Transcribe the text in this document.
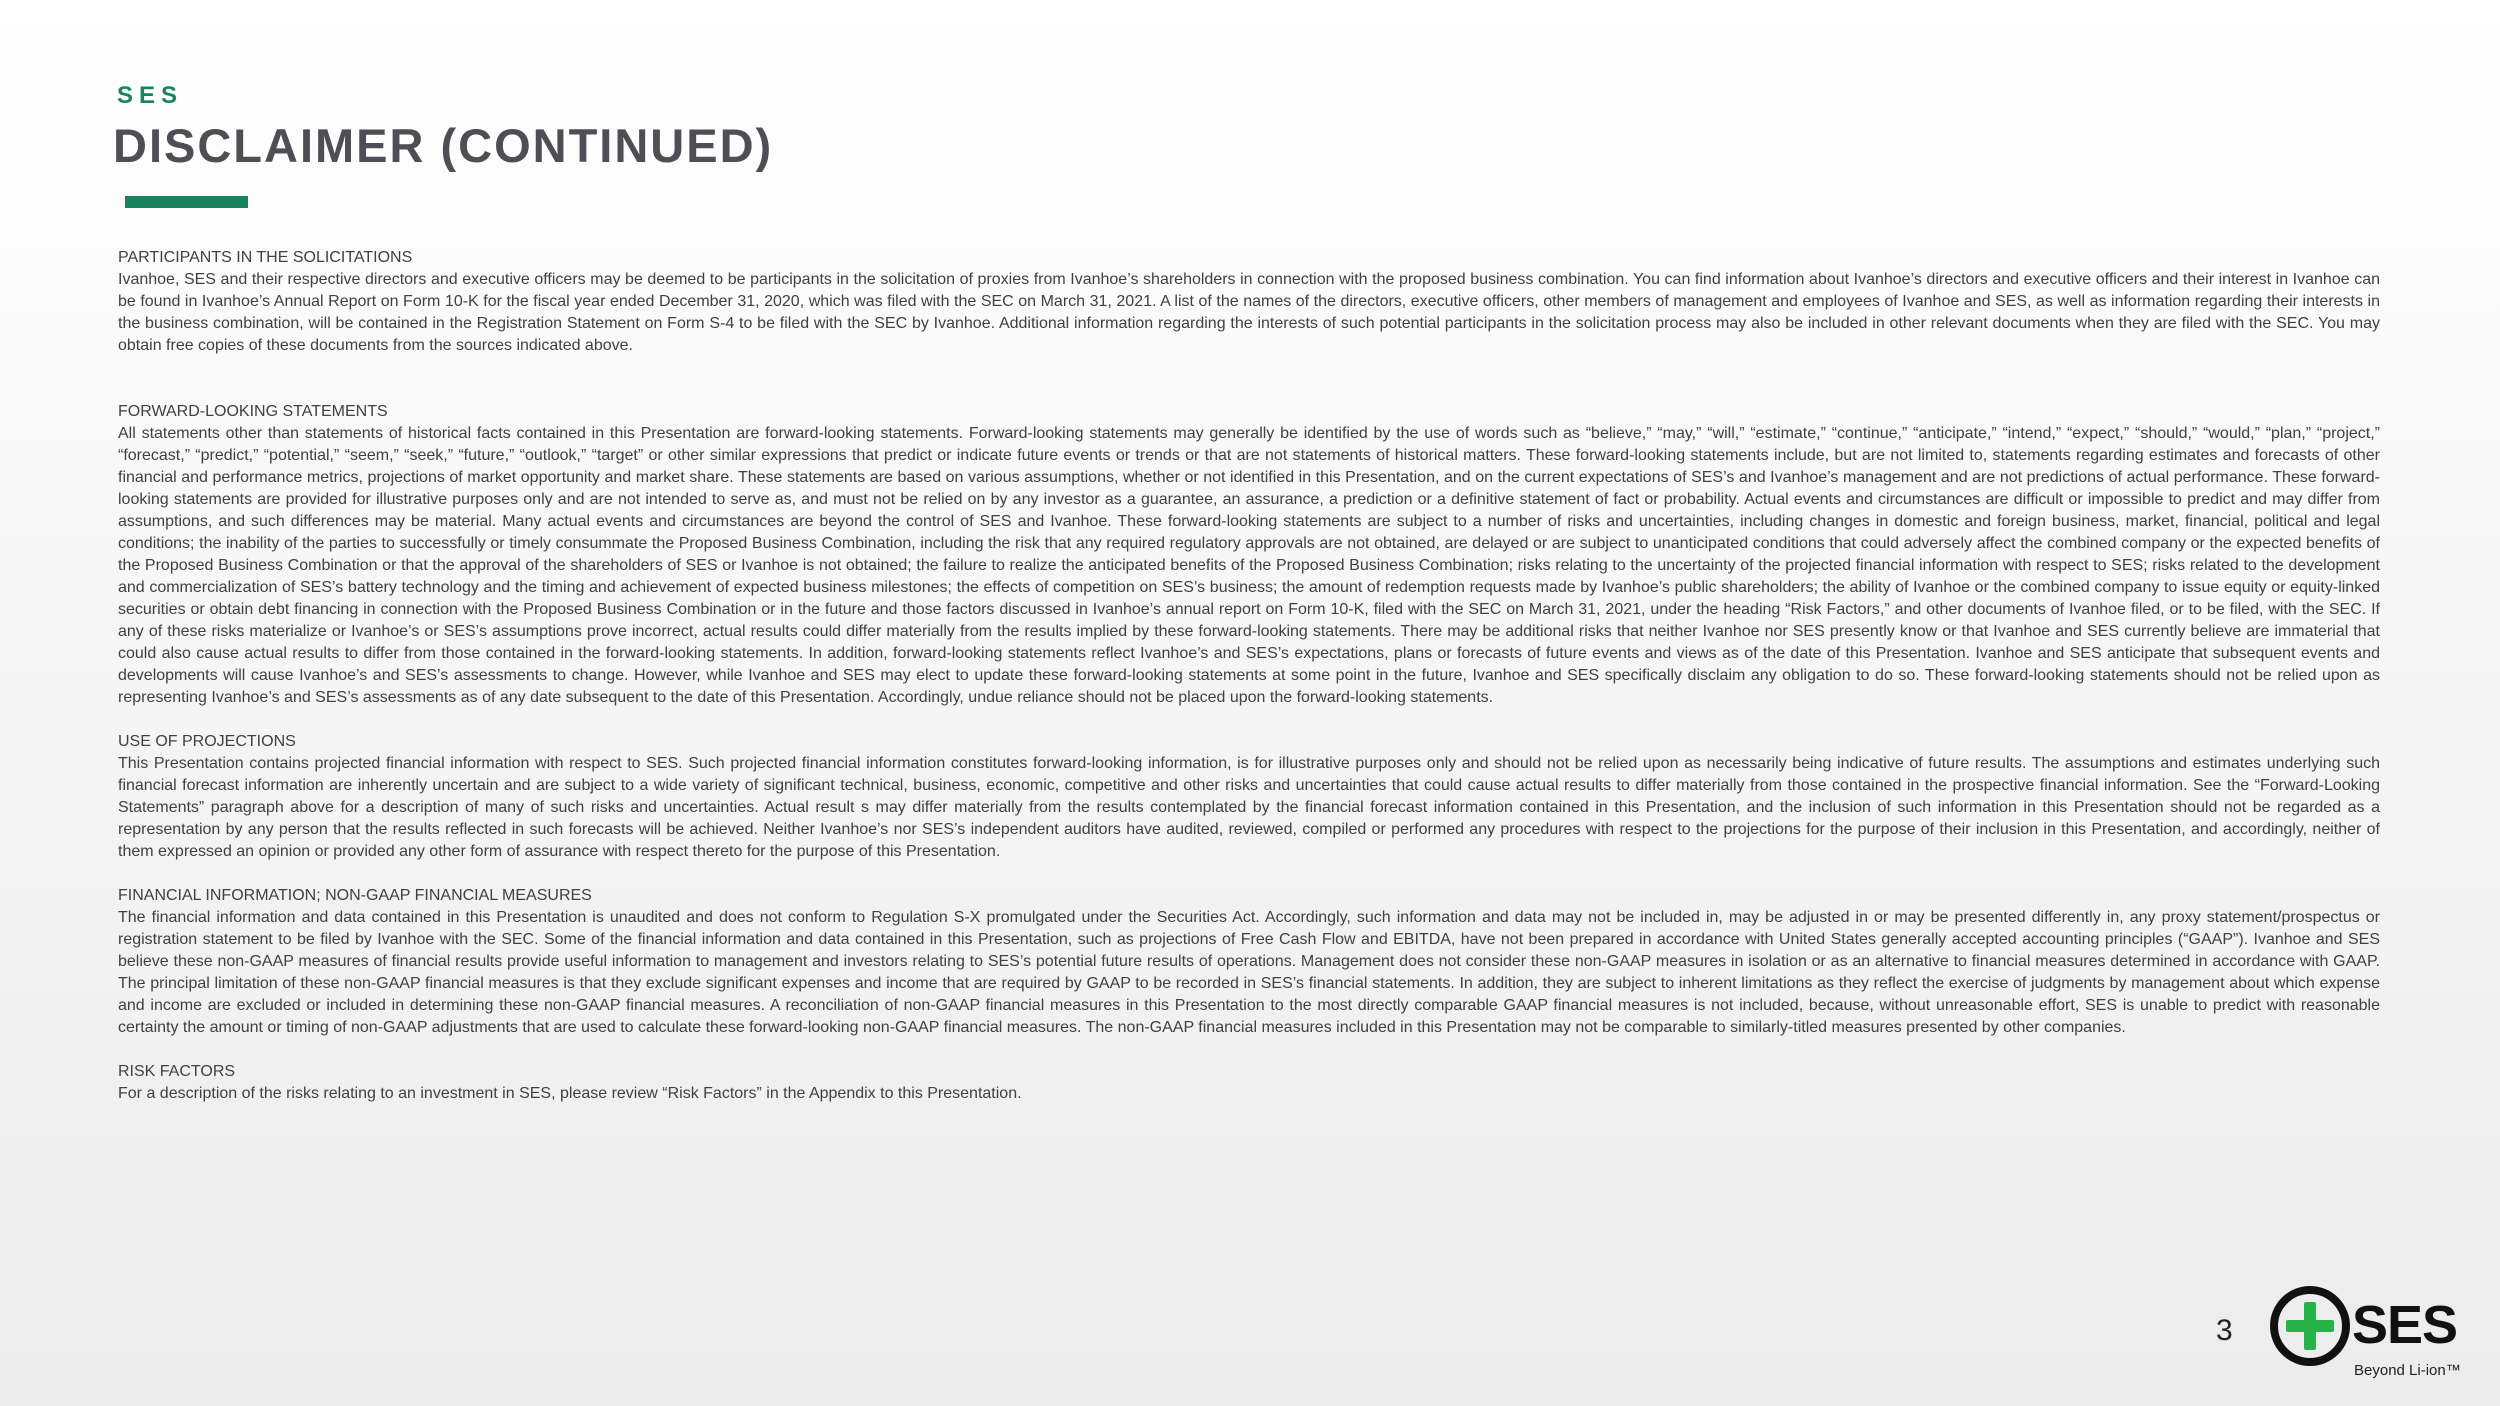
SES
DISCLAIMER (CONTINUED)

PARTICIPANTS IN THE SOLICITATIONS

Ivanhoe, SES and their respective directors and executive officers may be deemed to be participants in the solicitation of proxies from Ivanhoe’s shareholders in connection with the proposed business combination. You can find information about Ivanhoe’s directors and executive officers and their interest in Ivanhoe can be found in Ivanhoe’s Annual Report on Form 10-K for the fiscal year ended December 31, 2020, which was filed with the SEC on March 31, 2021. A list of the names of the directors, executive officers, other members of management and employees of Ivanhoe and SES, as well as information regarding their interests in the business combination, will be contained in the Registration Statement on Form S-4 to be filed with the SEC by Ivanhoe. Additional information regarding the interests of such potential participants in the solicitation process may also be included in other relevant documents when they are filed with the SEC. You may obtain free copies of these documents from the sources indicated above.

FORWARD-LOOKING STATEMENTS

All statements other than statements of historical facts contained in this Presentation are forward-looking statements. Forward-looking statements may generally be identified by the use of words such as “believe,” “may,” “will,” “estimate,” “continue,” “anticipate,” “intend,” “expect,” “should,” “would,” “plan,” “project,” “forecast,” “predict,” “potential,” “seem,” “seek,” “future,” “outlook,” “target” or other similar expressions that predict or indicate future events or trends or that are not statements of historical matters. These forward-looking statements include, but are not limited to, statements regarding estimates and forecasts of other financial and performance metrics, projections of market opportunity and market share. These statements are based on various assumptions, whether or not identified in this Presentation, and on the current expectations of SES’s and Ivanhoe’s management and are not predictions of actual performance. These forward-looking statements are provided for illustrative purposes only and are not intended to serve as, and must not be relied on by any investor as a guarantee, an assurance, a prediction or a definitive statement of fact or probability. Actual events and circumstances are difficult or impossible to predict and may differ from assumptions, and such differences may be material. Many actual events and circumstances are beyond the control of SES and Ivanhoe. These forward-looking statements are subject to a number of risks and uncertainties, including changes in domestic and foreign business, market, financial, political and legal conditions; the inability of the parties to successfully or timely consummate the Proposed Business Combination, including the risk that any required regulatory approvals are not obtained, are delayed or are subject to unanticipated conditions that could adversely affect the combined company or the expected benefits of the Proposed Business Combination or that the approval of the shareholders of SES or Ivanhoe is not obtained; the failure to realize the anticipated benefits of the Proposed Business Combination; risks relating to the uncertainty of the projected financial information with respect to SES; risks related to the development and commercialization of SES’s battery technology and the timing and achievement of expected business milestones; the effects of competition on SES’s business; the amount of redemption requests made by Ivanhoe’s public shareholders; the ability of Ivanhoe or the combined company to issue equity or equity-linked securities or obtain debt financing in connection with the Proposed Business Combination or in the future and those factors discussed in Ivanhoe’s annual report on Form 10-K, filed with the SEC on March 31, 2021, under the heading “Risk Factors,” and other documents of Ivanhoe filed, or to be filed, with the SEC. If any of these risks materialize or Ivanhoe’s or SES’s assumptions prove incorrect, actual results could differ materially from the results implied by these forward-looking statements. There may be additional risks that neither Ivanhoe nor SES presently know or that Ivanhoe and SES currently believe are immaterial that could also cause actual results to differ from those contained in the forward-looking statements. In addition, forward-looking statements reflect Ivanhoe’s and SES’s expectations, plans or forecasts of future events and views as of the date of this Presentation. Ivanhoe and SES anticipate that subsequent events and developments will cause Ivanhoe’s and SES’s assessments to change. However, while Ivanhoe and SES may elect to update these forward-looking statements at some point in the future, Ivanhoe and SES specifically disclaim any obligation to do so. These forward-looking statements should not be relied upon as representing Ivanhoe’s and SES’s assessments as of any date subsequent to the date of this Presentation. Accordingly, undue reliance should not be placed upon the forward-looking statements.

USE OF PROJECTIONS

This Presentation contains projected financial information with respect to SES. Such projected financial information constitutes forward-looking information, is for illustrative purposes only and should not be relied upon as necessarily being indicative of future results. The assumptions and estimates underlying such financial forecast information are inherently uncertain and are subject to a wide variety of significant technical, business, economic, competitive and other risks and uncertainties that could cause actual results to differ materially from those contained in the prospective financial information. See the “Forward-Looking Statements” paragraph above for a description of many of such risks and uncertainties. Actual result s may differ materially from the results contemplated by the financial forecast information contained in this Presentation, and the inclusion of such information in this Presentation should not be regarded as a representation by any person that the results reflected in such forecasts will be achieved. Neither Ivanhoe’s nor SES’s independent auditors have audited, reviewed, compiled or performed any procedures with respect to the projections for the purpose of their inclusion in this Presentation, and accordingly, neither of them expressed an opinion or provided any other form of assurance with respect thereto for the purpose of this Presentation.

FINANCIAL INFORMATION; NON-GAAP FINANCIAL MEASURES

The financial information and data contained in this Presentation is unaudited and does not conform to Regulation S-X promulgated under the Securities Act. Accordingly, such information and data may not be included in, may be adjusted in or may be presented differently in, any proxy statement/prospectus or registration statement to be filed by Ivanhoe with the SEC. Some of the financial information and data contained in this Presentation, such as projections of Free Cash Flow and EBITDA, have not been prepared in accordance with United States generally accepted accounting principles (“GAAP”). Ivanhoe and SES believe these non-GAAP measures of financial results provide useful information to management and investors relating to SES’s potential future results of operations. Management does not consider these non-GAAP measures in isolation or as an alternative to financial measures determined in accordance with GAAP. The principal limitation of these non-GAAP financial measures is that they exclude significant expenses and income that are required by GAAP to be recorded in SES’s financial statements. In addition, they are subject to inherent limitations as they reflect the exercise of judgments by management about which expense and income are excluded or included in determining these non-GAAP financial measures. A reconciliation of non-GAAP financial measures in this Presentation to the most directly comparable GAAP financial measures is not included, because, without unreasonable effort, SES is unable to predict with reasonable certainty the amount or timing of non-GAAP adjustments that are used to calculate these forward-looking non-GAAP financial measures. The non-GAAP financial measures included in this Presentation may not be comparable to similarly-titled measures presented by other companies.

RISK FACTORS

For a description of the risks relating to an investment in SES, please review “Risk Factors” in the Appendix to this Presentation.

3 SES
Beyond Li-ion™
